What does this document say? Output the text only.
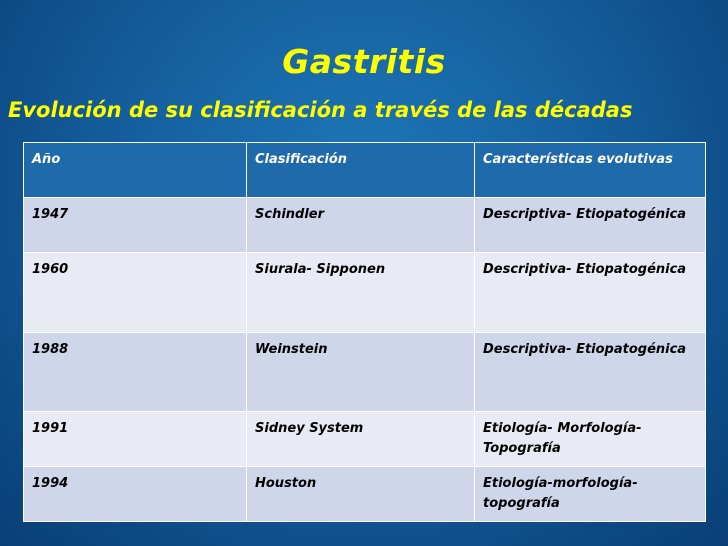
Gastritis
Evolución de su clasificación a través de las décadas
Año	Clasificación	Características evolutivas
1947	Schindler	Descriptiva- Etiopatogénica
1960	Siurala- Sipponen	Descriptiva- Etiopatogénica
1988	Weinstein	Descriptiva- Etiopatogénica
1991	Sidney System	Etiología- Morfología- Topografía
1994	Houston	Etiología-morfología- topografía
